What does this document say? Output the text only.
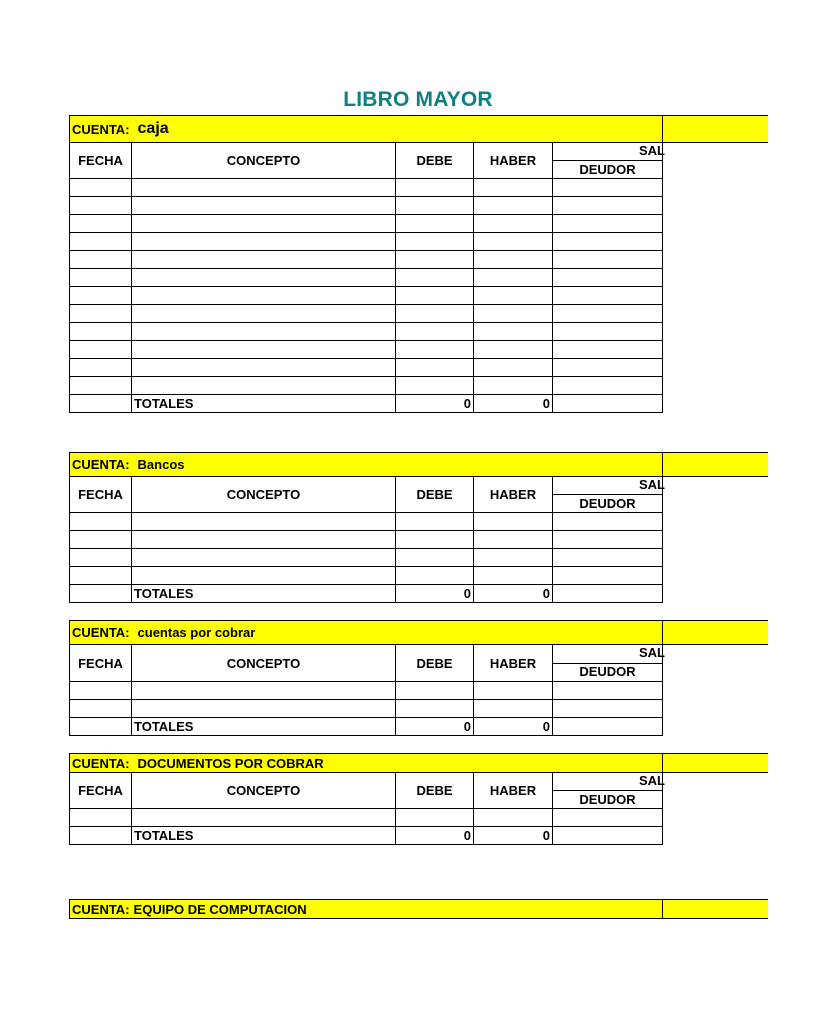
LIBRO MAYOR
CUENTA: caja
FECHA	CONCEPTO	DEBE	HABER	SAL
DEUDOR

	TOTALES	0	0	
CUENTA: Bancos
FECHA	CONCEPTO	DEBE	HABER	SAL
DEUDOR

	TOTALES	0	0	
CUENTA: cuentas por cobrar
FECHA	CONCEPTO	DEBE	HABER	SAL
DEUDOR

	TOTALES	0	0	
CUENTA: DOCUMENTOS POR COBRAR
FECHA	CONCEPTO	DEBE	HABER	SAL
DEUDOR

	TOTALES	0	0	
CUENTA: EQUIPO DE COMPUTACION
